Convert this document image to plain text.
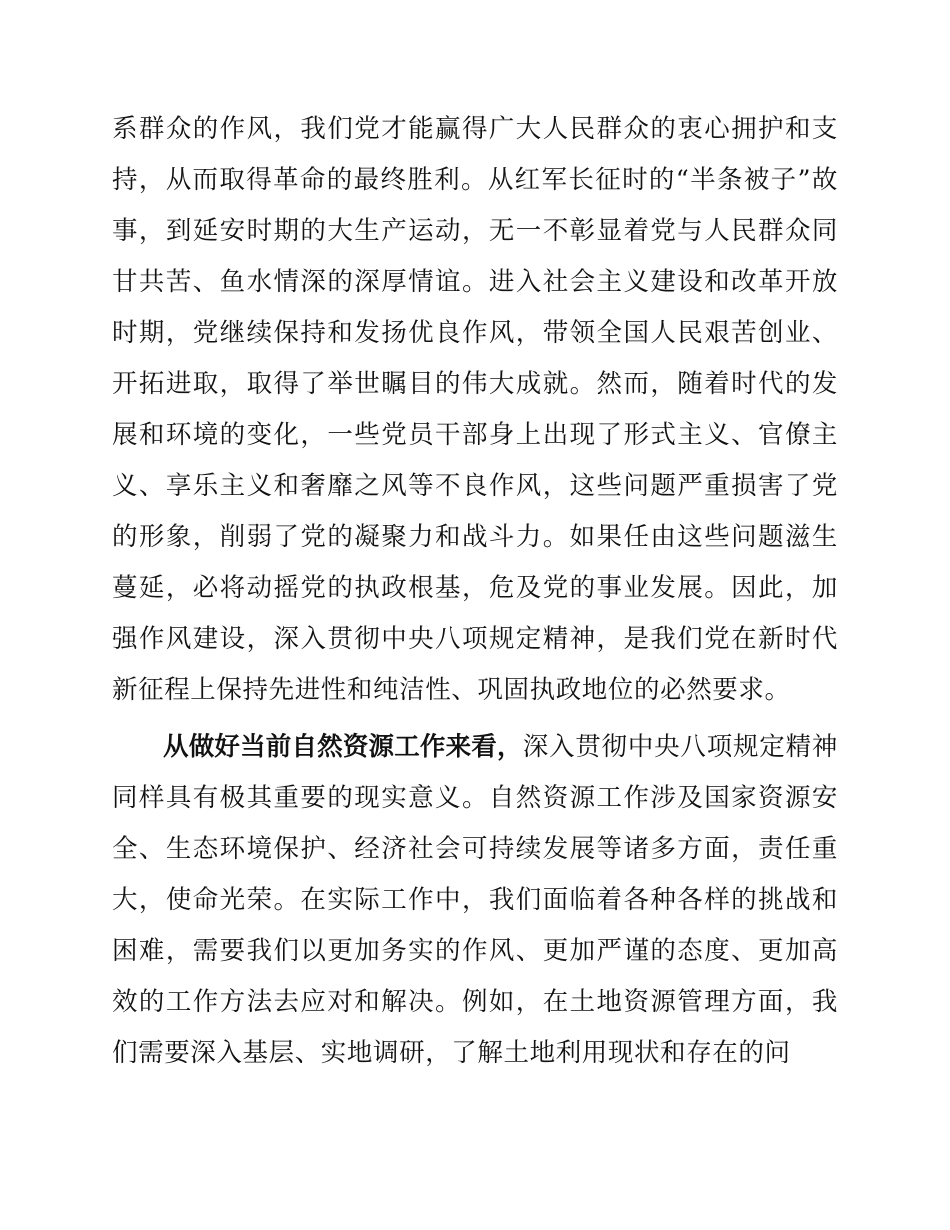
系群众的作风，我们党才能赢得广大人民群众的衷心拥护和支持，从而取得革命的最终胜利。从红军长征时的“半条被子”故事，到延安时期的大生产运动，无一不彰显着党与人民群众同甘共苦、鱼水情深的深厚情谊。进入社会主义建设和改革开放时期，党继续保持和发扬优良作风，带领全国人民艰苦创业、开拓进取，取得了举世瞩目的伟大成就。然而，随着时代的发展和环境的变化，一些党员干部身上出现了形式主义、官僚主义、享乐主义和奢靡之风等不良作风，这些问题严重损害了党的形象，削弱了党的凝聚力和战斗力。如果任由这些问题滋生蔓延，必将动摇党的执政根基，危及党的事业发展。因此，加强作风建设，深入贯彻中央八项规定精神，是我们党在新时代新征程上保持先进性和纯洁性、巩固执政地位的必然要求。

从做好当前自然资源工作来看，深入贯彻中央八项规定精神同样具有极其重要的现实意义。自然资源工作涉及国家资源安全、生态环境保护、经济社会可持续发展等诸多方面，责任重大，使命光荣。在实际工作中，我们面临着各种各样的挑战和困难，需要我们以更加务实的作风、更加严谨的态度、更加高效的工作方法去应对和解决。例如，在土地资源管理方面，我们需要深入基层、实地调研，了解土地利用现状和存在的问
